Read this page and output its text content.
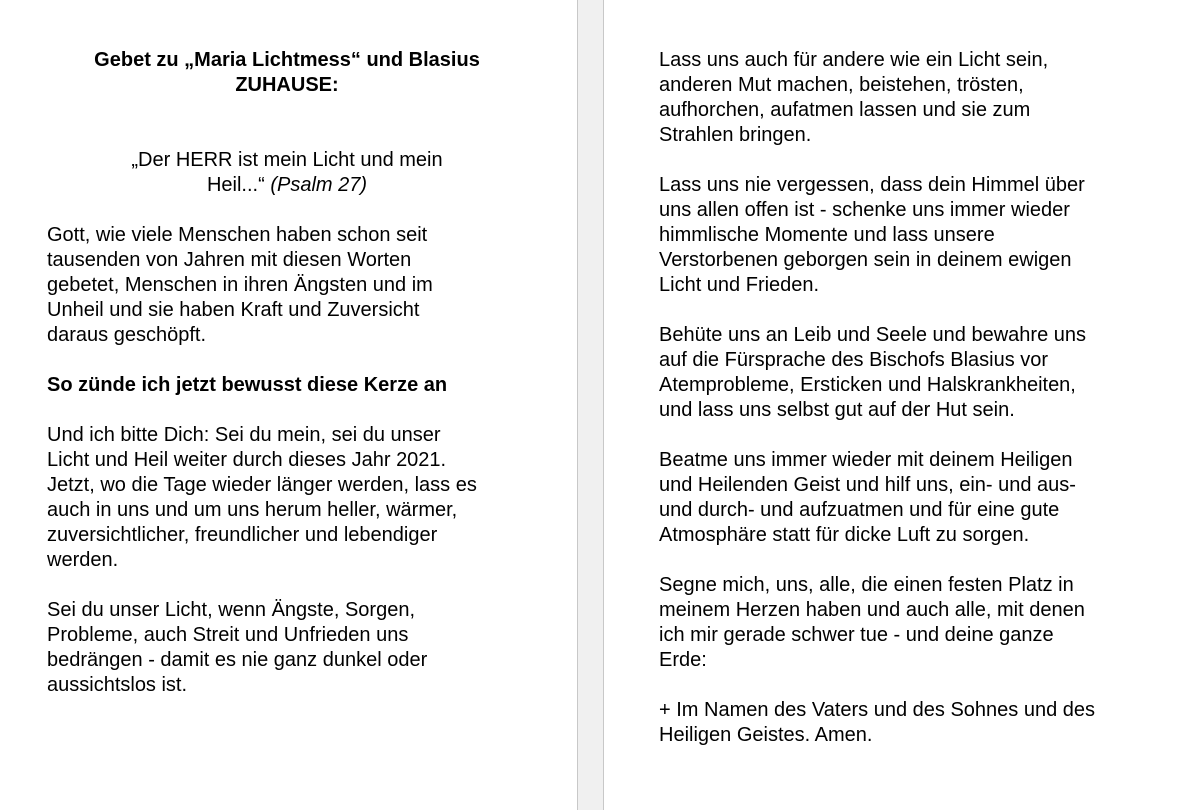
Gebet zu „Maria Lichtmess“ und Blasius
ZUHAUSE:

„Der HERR ist mein Licht und mein
Heil...“ (Psalm 27)

Gott, wie viele Menschen haben schon seit
tausenden von Jahren mit diesen Worten
gebetet, Menschen in ihren Ängsten und im
Unheil und sie haben Kraft und Zuversicht
daraus geschöpft.

So zünde ich jetzt bewusst diese Kerze an

Und ich bitte Dich: Sei du mein, sei du unser
Licht und Heil weiter durch dieses Jahr 2021.
Jetzt, wo die Tage wieder länger werden, lass es
auch in uns und um uns herum heller, wärmer,
zuversichtlicher, freundlicher und lebendiger
werden.

Sei du unser Licht, wenn Ängste, Sorgen,
Probleme, auch Streit und Unfrieden uns
bedrängen - damit es nie ganz dunkel oder
aussichtslos ist.

Lass uns auch für andere wie ein Licht sein,
anderen Mut machen, beistehen, trösten,
aufhorchen, aufatmen lassen und sie zum
Strahlen bringen.

Lass uns nie vergessen, dass dein Himmel über
uns allen offen ist - schenke uns immer wieder
himmlische Momente und lass unsere
Verstorbenen geborgen sein in deinem ewigen
Licht und Frieden.

Behüte uns an Leib und Seele und bewahre uns
auf die Fürsprache des Bischofs Blasius vor
Atemprobleme, Ersticken und Halskrankheiten,
und lass uns selbst gut auf der Hut sein.

Beatme uns immer wieder mit deinem Heiligen
und Heilenden Geist und hilf uns, ein- und aus-
und durch- und aufzuatmen und für eine gute
Atmosphäre statt für dicke Luft zu sorgen.

Segne mich, uns, alle, die einen festen Platz in
meinem Herzen haben und auch alle, mit denen
ich mir gerade schwer tue - und deine ganze
Erde:

+ Im Namen des Vaters und des Sohnes und des
Heiligen Geistes. Amen.
